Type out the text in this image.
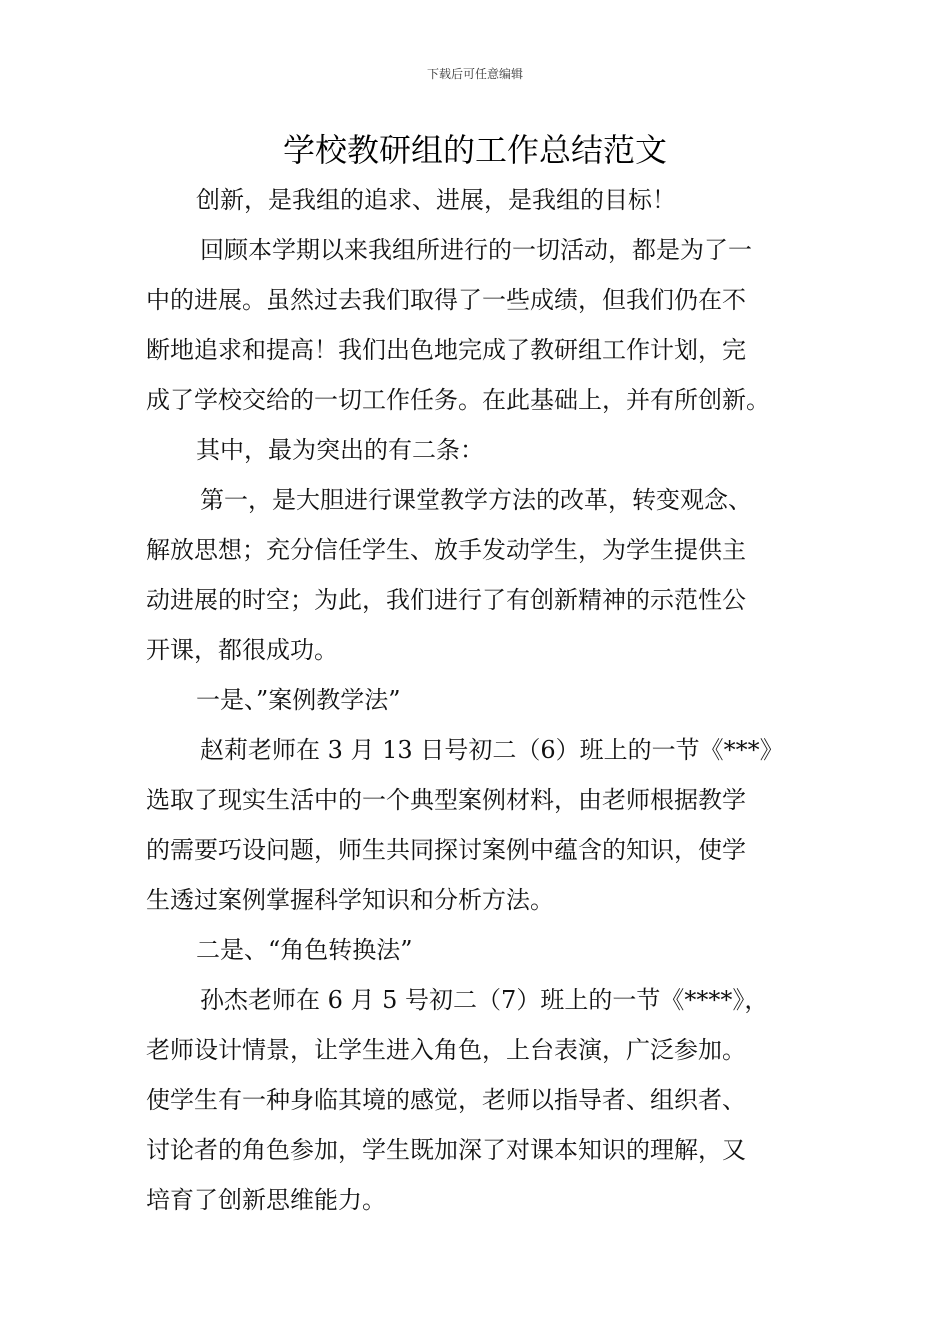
下载后可任意编辑
学校教研组的工作总结范文
创新，是我组的追求、进展，是我组的目标！
回顾本学期以来我组所进行的一切活动，都是为了一
中的进展。虽然过去我们取得了一些成绩，但我们仍在不
断地追求和提高！我们出色地完成了教研组工作计划，完
成了学校交给的一切工作任务。在此基础上，并有所创新。
其中，最为突出的有二条：
第一，是大胆进行课堂教学方法的改革，转变观念、
解放思想；充分信任学生、放手发动学生，为学生提供主
动进展的时空；为此，我们进行了有创新精神的示范性公
开课，都很成功。
一是、”案例教学法”
赵莉老师在 3 月 13 日号初二（6）班上的一节《***》
选取了现实生活中的一个典型案例材料，由老师根据教学
的需要巧设问题，师生共同探讨案例中蕴含的知识，使学
生透过案例掌握科学知识和分析方法。
二是、“角色转换法”
孙杰老师在 6 月 5 号初二（7）班上的一节《****》，
老师设计情景，让学生进入角色，上台表演，广泛参加。
使学生有一种身临其境的感觉，老师以指导者、组织者、
讨论者的角色参加，学生既加深了对课本知识的理解，又
培育了创新思维能力。
